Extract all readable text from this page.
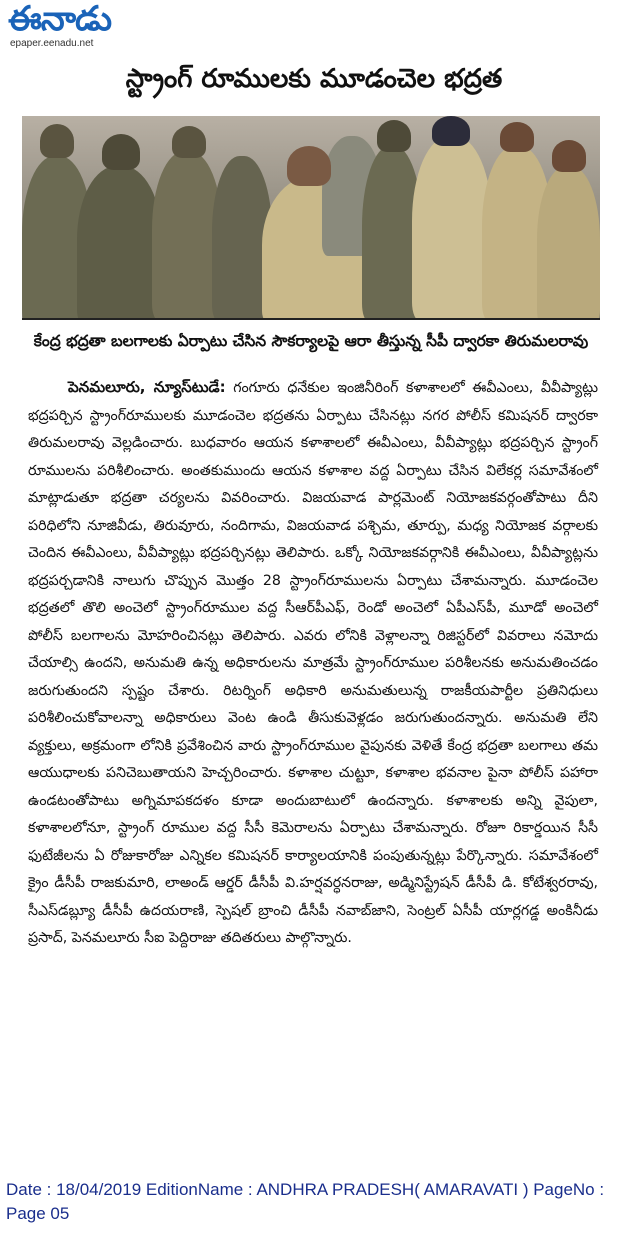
ఈనాడు
epaper.eenadu.net
స్ట్రాంగ్ రూములకు మూడంచెల భద్రత
కేంద్ర భద్రతా బలగాలకు ఏర్పాటు చేసిన సౌకర్యాలపై ఆరా తీస్తున్న సీపీ ద్వారకా తిరుమలరావు
పెనమలూరు, న్యూస్‌టుడే: గంగూరు ధనేకుల ఇంజినీరింగ్ కళాశాలలో ఈవీఎంలు, వీవీప్యాట్లు భద్రపర్చిన స్ట్రాంగ్‌రూములకు మూడంచెల భద్రతను ఏర్పాటు చేసినట్లు నగర పోలీస్ కమిషనర్ ద్వారకా తిరుమలరావు వెల్లడించారు. బుధవారం ఆయన కళాశాలలో ఈవీఎంలు, వీవీప్యాట్లు భద్రపర్చిన స్ట్రాంగ్ రూములను పరిశీలించారు. అంతకుముందు ఆయన కళాశాల వద్ద ఏర్పాటు చేసిన విలేకర్ల సమావేశంలో మాట్లాడుతూ భద్రతా చర్యలను వివరించారు. విజయవాడ పార్లమెంట్ నియోజకవర్గంతోపాటు దీని పరిధిలోని నూజివీడు, తిరువూరు, నందిగామ, విజయవాడ పశ్చిమ, తూర్పు, మధ్య నియోజక వర్గాలకు చెందిన ఈవీఎంలు, వీవీప్యాట్లు భద్రపర్చినట్లు తెలిపారు. ఒక్కో నియోజకవర్గానికి ఈవీఎంలు, వీవీప్యాట్లను భద్రపర్చడానికి నాలుగు చొప్పున మొత్తం 28 స్ట్రాంగ్‌రూములను ఏర్పాటు చేశామన్నారు. మూడంచెల భద్రతలో తొలి అంచెలో స్ట్రాంగ్‌రూముల వద్ద సీఆర్‌పీఎఫ్, రెండో అంచెలో ఏపీఎస్‌పీ, మూడో అంచెలో పోలీస్ బలగాలను మోహరించినట్లు తెలిపారు. ఎవరు లోనికి వెళ్లాలన్నా రిజిస్టర్‌లో వివరాలు నమోదు చేయాల్సి ఉందని, అనుమతి ఉన్న అధికారులను మాత్రమే స్ట్రాంగ్‌రూముల పరిశీలనకు అనుమతించడం జరుగుతుందని స్పష్టం చేశారు. రిటర్నింగ్ అధికారి అనుమతులున్న రాజకీయపార్టీల ప్రతినిధులు పరిశీలించుకోవాలన్నా అధికారులు వెంట ఉండి తీసుకువెళ్లడం జరుగుతుందన్నారు. అనుమతి లేని వ్యక్తులు, అక్రమంగా లోనికి ప్రవేశించిన వారు స్ట్రాంగ్‌రూముల వైపునకు వెళితే కేంద్ర భద్రతా బలగాలు తమ ఆయుధాలకు పనిచెబుతాయని హెచ్చరించారు. కళాశాల చుట్టూ, కళాశాల భవనాల పైనా పోలీస్ పహారా ఉండటంతోపాటు అగ్నిమాపకదళం కూడా అందుబాటులో ఉందన్నారు. కళాశాలకు అన్ని వైపులా, కళాశాలలోనూ, స్ట్రాంగ్ రూముల వద్ద సీసీ కెమెరాలను ఏర్పాటు చేశామన్నారు. రోజూ రికార్డయిన సీసీ ఫుటేజీలను ఏ రోజుకారోజు ఎన్నికల కమిషనర్ కార్యాలయానికి పంపుతున్నట్లు పేర్కొన్నారు. సమావేశంలో క్రైం డీసీపీ రాజకుమారి, లాఅండ్ ఆర్డర్ డీసీపీ వి.హర్షవర్ధనరాజు, అడ్మినిస్ట్రేషన్ డీసీపీ డి. కోటేశ్వరరావు, సీఎస్‌డబ్ల్యూ డీసీపీ ఉదయరాణి, స్పెషల్ బ్రాంచి డీసీపీ నవాబ్‌జాని, సెంట్రల్ ఏసీపీ యార్లగడ్డ అంకినీడు ప్రసాద్, పెనమలూరు సీఐ పెద్దిరాజు తదితరులు పాల్గొన్నారు.
Date : 18/04/2019 EditionName : ANDHRA PRADESH( AMARAVATI ) PageNo : Page 05
